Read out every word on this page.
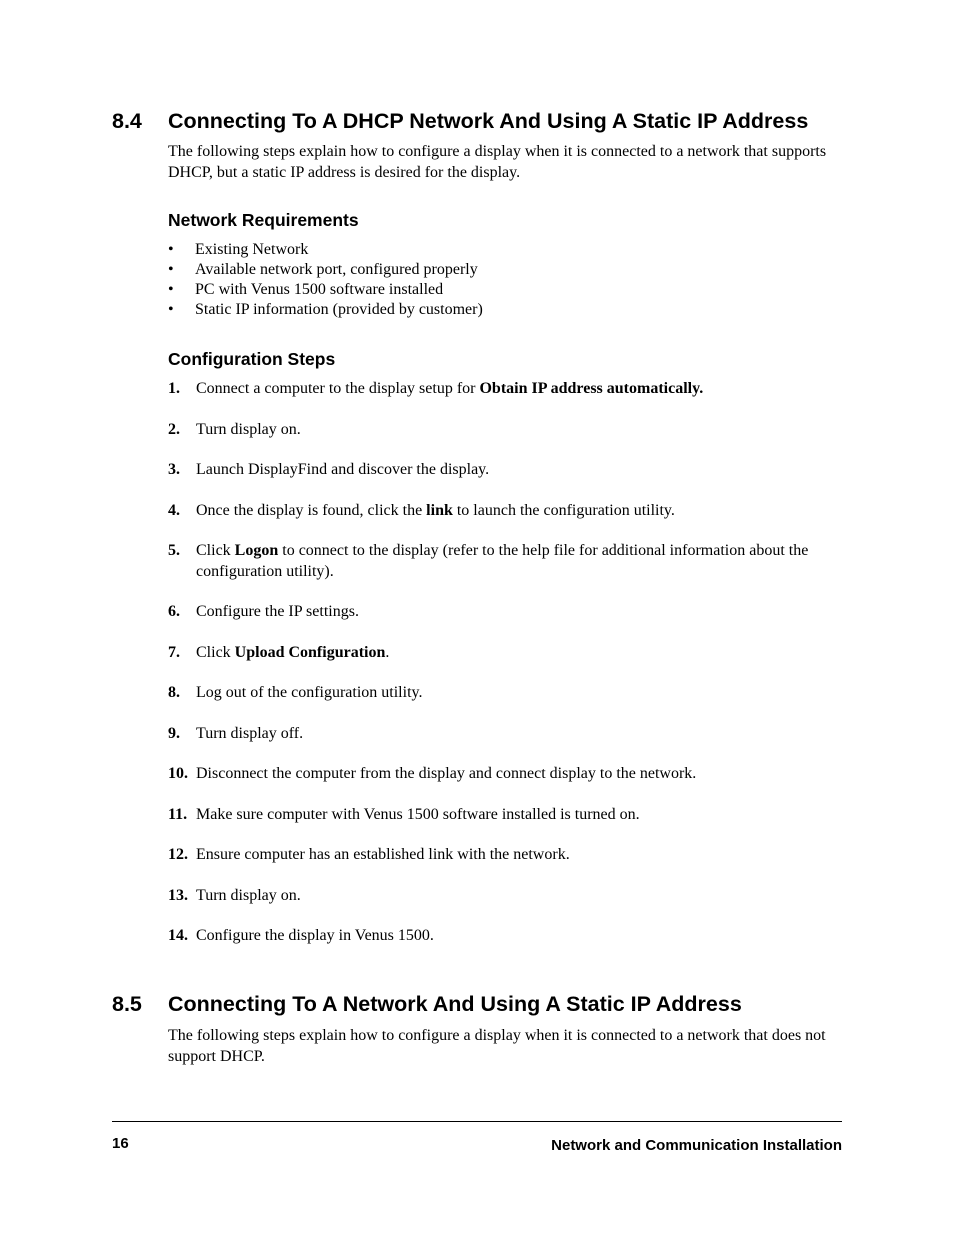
8.4 Connecting To A DHCP Network And Using A Static IP Address

The following steps explain how to configure a display when it is connected to a network that supports DHCP, but a static IP address is desired for the display.

Network Requirements
• Existing Network
• Available network port, configured properly
• PC with Venus 1500 software installed
• Static IP information (provided by customer)
Configuration Steps
1. Connect a computer to the display setup for Obtain IP address automatically.
2. Turn display on.
3. Launch DisplayFind and discover the display.
4. Once the display is found, click the link to launch the configuration utility.
5. Click Logon to connect to the display (refer to the help file for additional information about the configuration utility).
6. Configure the IP settings.
7. Click Upload Configuration.
8. Log out of the configuration utility.
9. Turn display off.
10. Disconnect the computer from the display and connect display to the network.
11. Make sure computer with Venus 1500 software installed is turned on.
12. Ensure computer has an established link with the network.
13. Turn display on.
14. Configure the display in Venus 1500.
8.5 Connecting To A Network And Using A Static IP Address

The following steps explain how to configure a display when it is connected to a network that does not support DHCP.

16	Network and Communication Installation
